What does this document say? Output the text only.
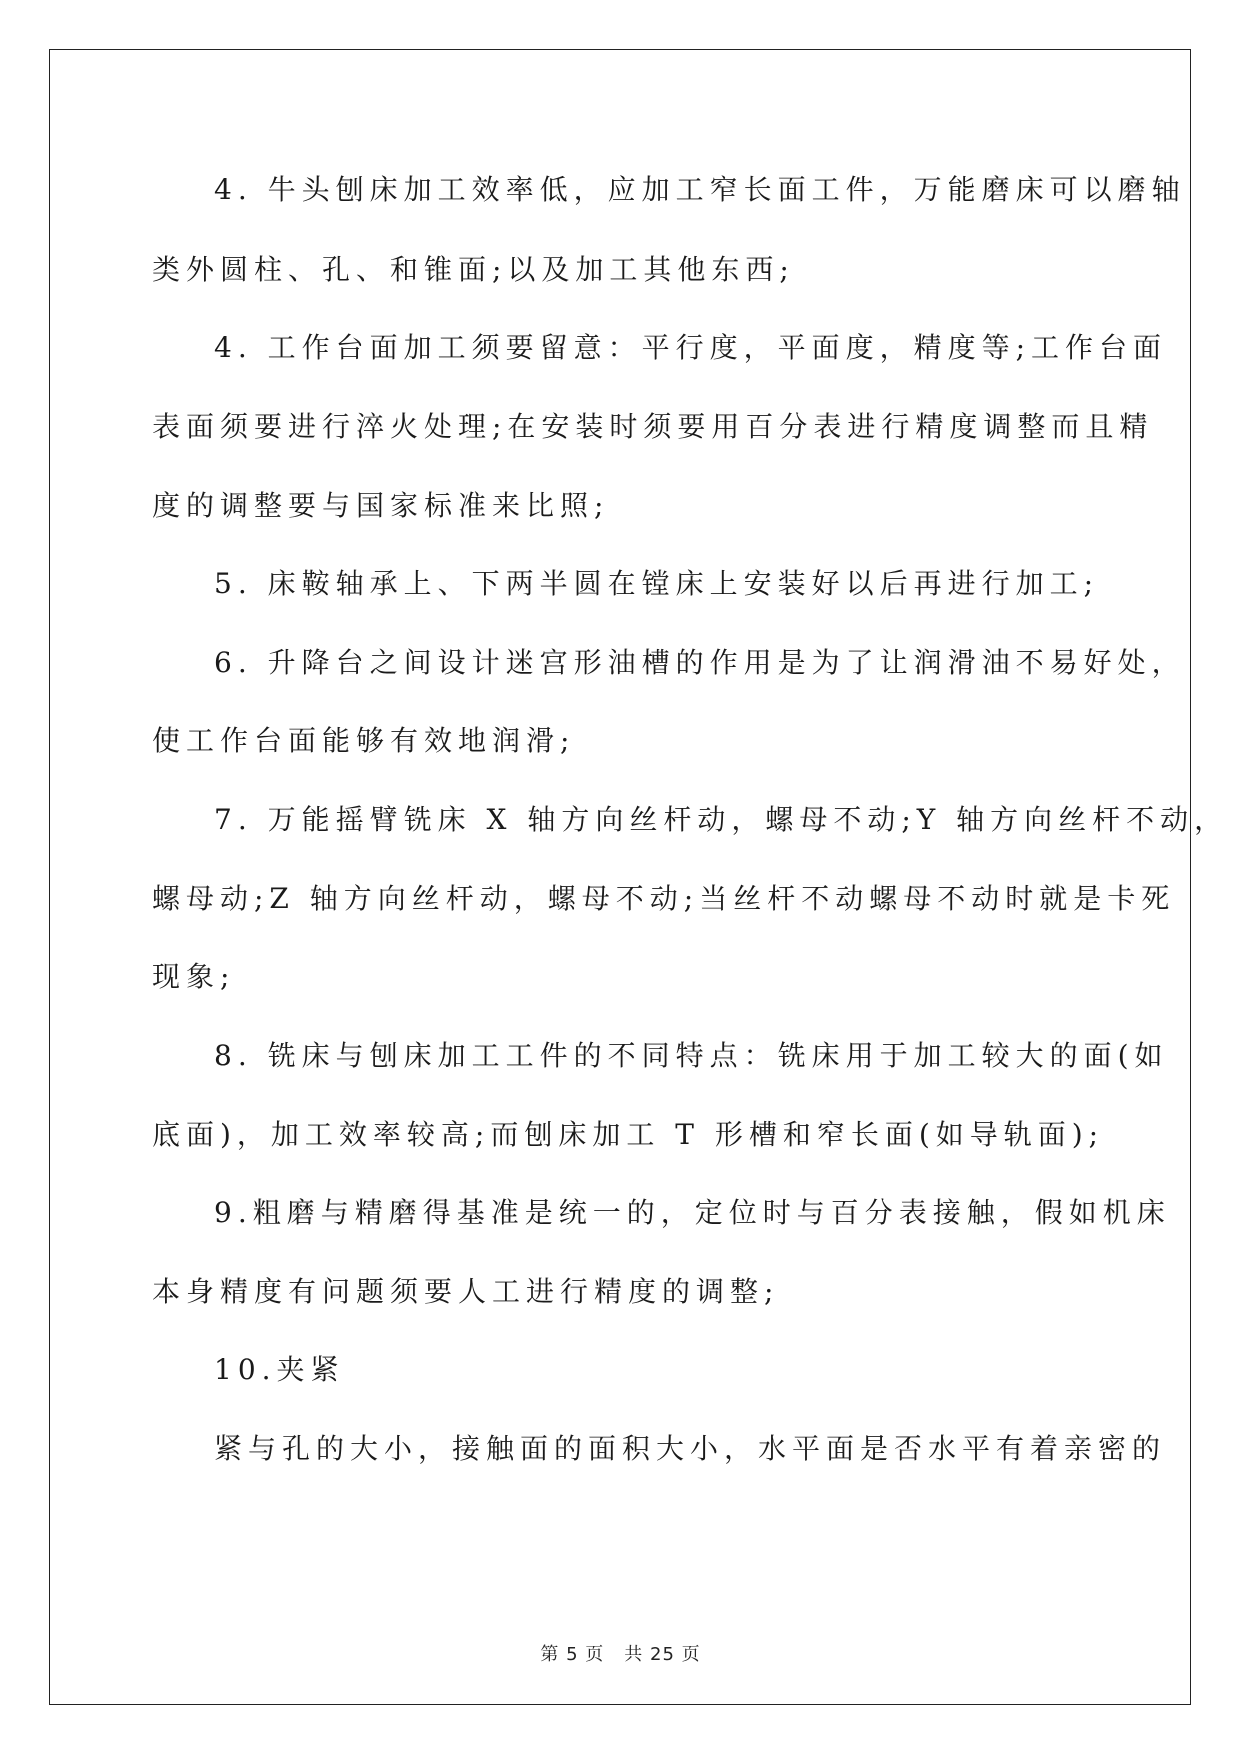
4. 牛头刨床加工效率低，应加工窄长面工件，万能磨床可以磨轴
类外圆柱、孔、和锥面;以及加工其他东西;
4. 工作台面加工须要留意：平行度，平面度，精度等;工作台面
表面须要进行淬火处理;在安装时须要用百分表进行精度调整而且精
度的调整要与国家标准来比照;
5. 床鞍轴承上、下两半圆在镗床上安装好以后再进行加工;
6. 升降台之间设计迷宫形油槽的作用是为了让润滑油不易好处，
使工作台面能够有效地润滑;
7. 万能摇臂铣床 X 轴方向丝杆动，螺母不动;Y 轴方向丝杆不动，
螺母动;Z 轴方向丝杆动，螺母不动;当丝杆不动螺母不动时就是卡死
现象;
8. 铣床与刨床加工工件的不同特点：铣床用于加工较大的面(如
底面)，加工效率较高;而刨床加工 T 形槽和窄长面(如导轨面);
9.粗磨与精磨得基准是统一的，定位时与百分表接触，假如机床
本身精度有问题须要人工进行精度的调整;
10.夹紧
紧与孔的大小，接触面的面积大小，水平面是否水平有着亲密的
第 5 页 共 25 页
